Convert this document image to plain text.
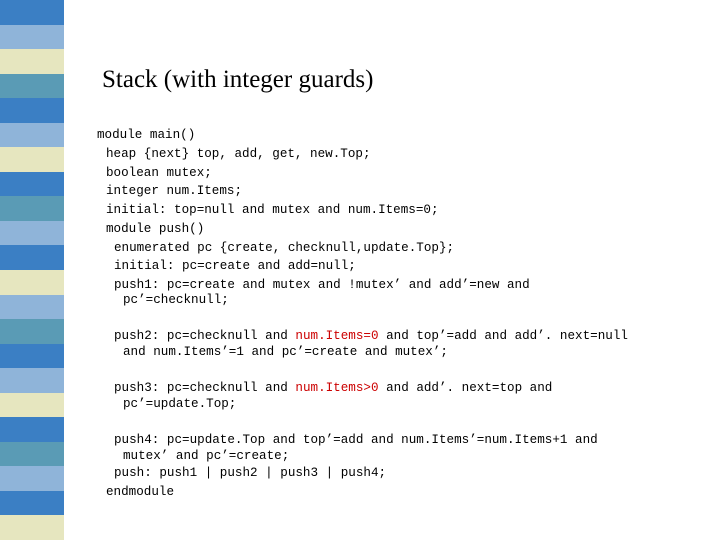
Stack (with integer guards)
module main()
heap {next} top, add, get, new.Top;
boolean mutex;
integer num.Items;
initial: top=null and mutex and num.Items=0;
module push()
enumerated pc {create, checknull,update.Top};
initial: pc=create and add=null;
push1: pc=create and mutex and !mutex’ and add’=new and
pc’=checknull;
push2: pc=checknull and num.Items=0 and top’=add and add’. next=null
and num.Items’=1 and pc’=create and mutex’;
push3: pc=checknull and num.Items>0 and add’. next=top and
pc’=update.Top;
push4: pc=update.Top and top’=add and num.Items’=num.Items+1 and
mutex’ and pc’=create;
push: push1 | push2 | push3 | push4;
endmodule
